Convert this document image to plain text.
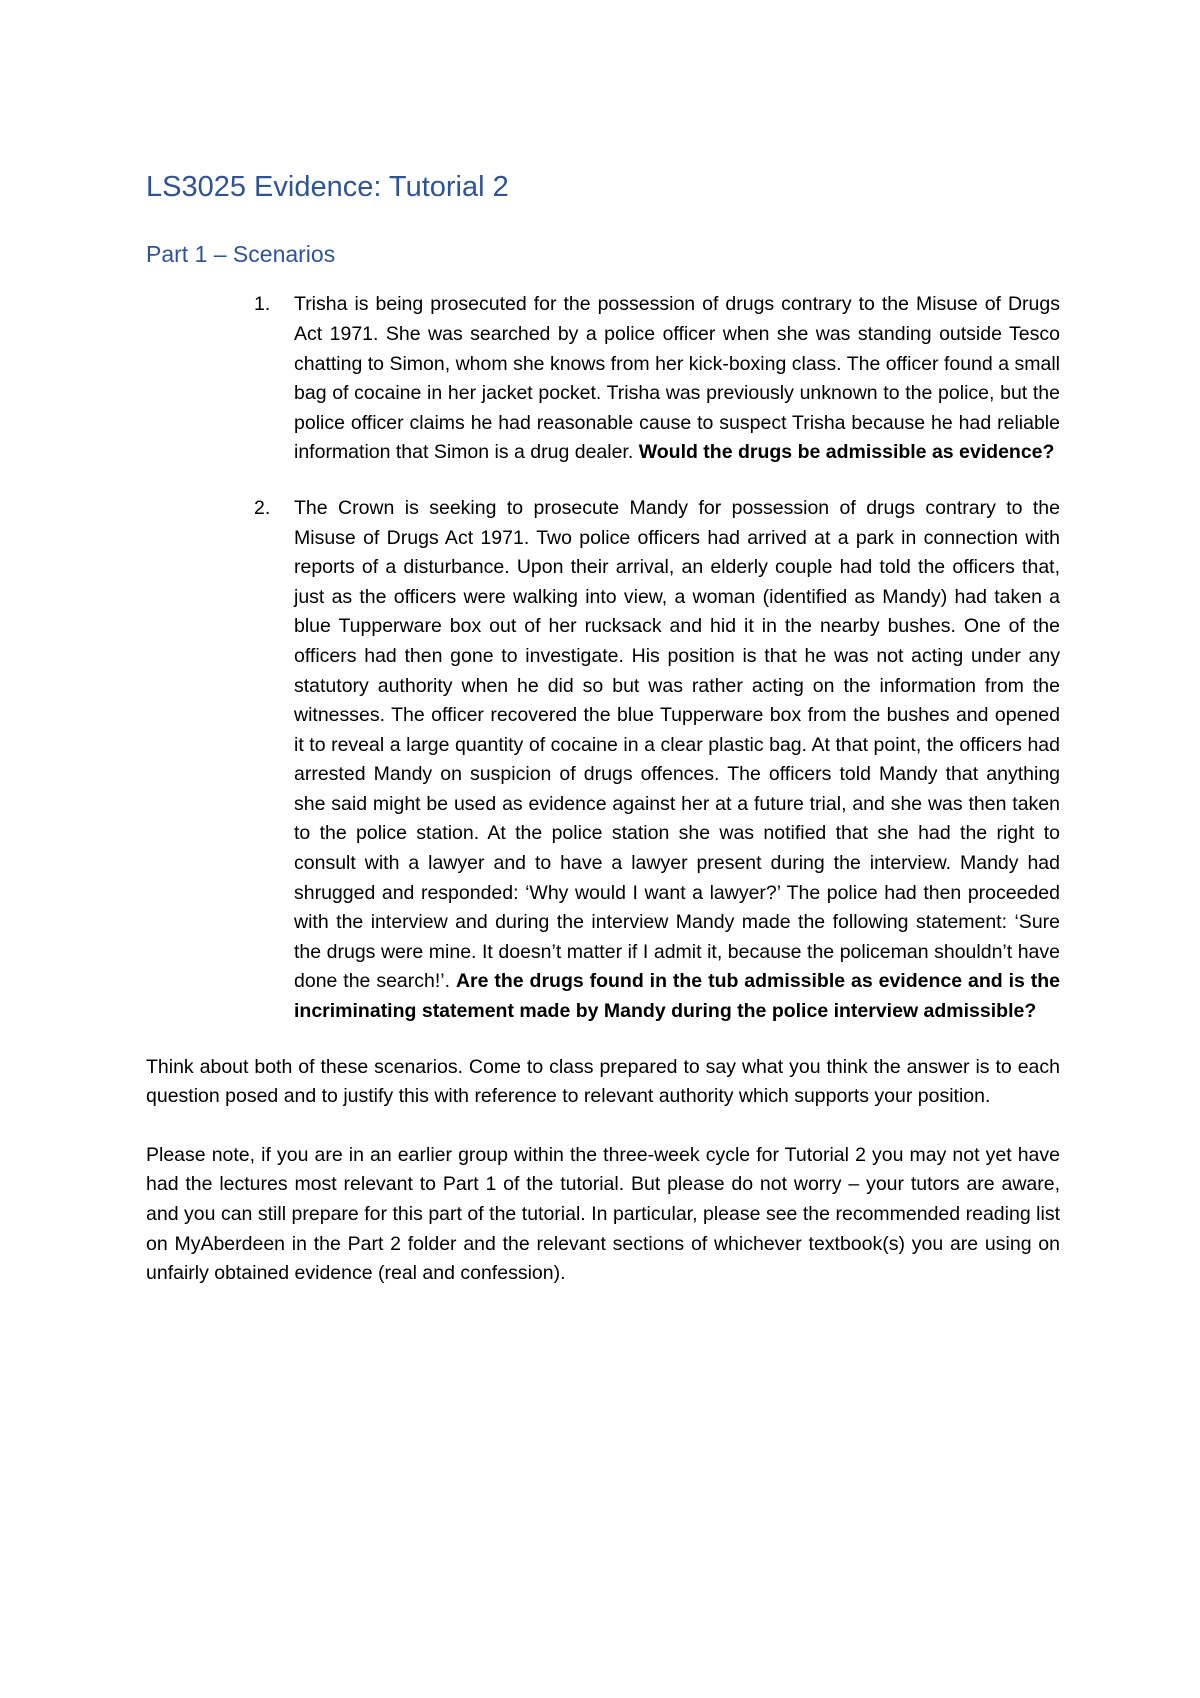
LS3025 Evidence: Tutorial 2
Part 1 – Scenarios
1. Trisha is being prosecuted for the possession of drugs contrary to the Misuse of Drugs Act 1971. She was searched by a police officer when she was standing outside Tesco chatting to Simon, whom she knows from her kick-boxing class. The officer found a small bag of cocaine in her jacket pocket. Trisha was previously unknown to the police, but the police officer claims he had reasonable cause to suspect Trisha because he had reliable information that Simon is a drug dealer. Would the drugs be admissible as evidence?
2. The Crown is seeking to prosecute Mandy for possession of drugs contrary to the Misuse of Drugs Act 1971. Two police officers had arrived at a park in connection with reports of a disturbance. Upon their arrival, an elderly couple had told the officers that, just as the officers were walking into view, a woman (identified as Mandy) had taken a blue Tupperware box out of her rucksack and hid it in the nearby bushes. One of the officers had then gone to investigate. His position is that he was not acting under any statutory authority when he did so but was rather acting on the information from the witnesses. The officer recovered the blue Tupperware box from the bushes and opened it to reveal a large quantity of cocaine in a clear plastic bag. At that point, the officers had arrested Mandy on suspicion of drugs offences. The officers told Mandy that anything she said might be used as evidence against her at a future trial, and she was then taken to the police station. At the police station she was notified that she had the right to consult with a lawyer and to have a lawyer present during the interview. Mandy had shrugged and responded: ‘Why would I want a lawyer?’ The police had then proceeded with the interview and during the interview Mandy made the following statement: ‘Sure the drugs were mine. It doesn’t matter if I admit it, because the policeman shouldn’t have done the search!’. Are the drugs found in the tub admissible as evidence and is the incriminating statement made by Mandy during the police interview admissible?

Think about both of these scenarios. Come to class prepared to say what you think the answer is to each question posed and to justify this with reference to relevant authority which supports your position.

Please note, if you are in an earlier group within the three-week cycle for Tutorial 2 you may not yet have had the lectures most relevant to Part 1 of the tutorial. But please do not worry – your tutors are aware, and you can still prepare for this part of the tutorial. In particular, please see the recommended reading list on MyAberdeen in the Part 2 folder and the relevant sections of whichever textbook(s) you are using on unfairly obtained evidence (real and confession).
